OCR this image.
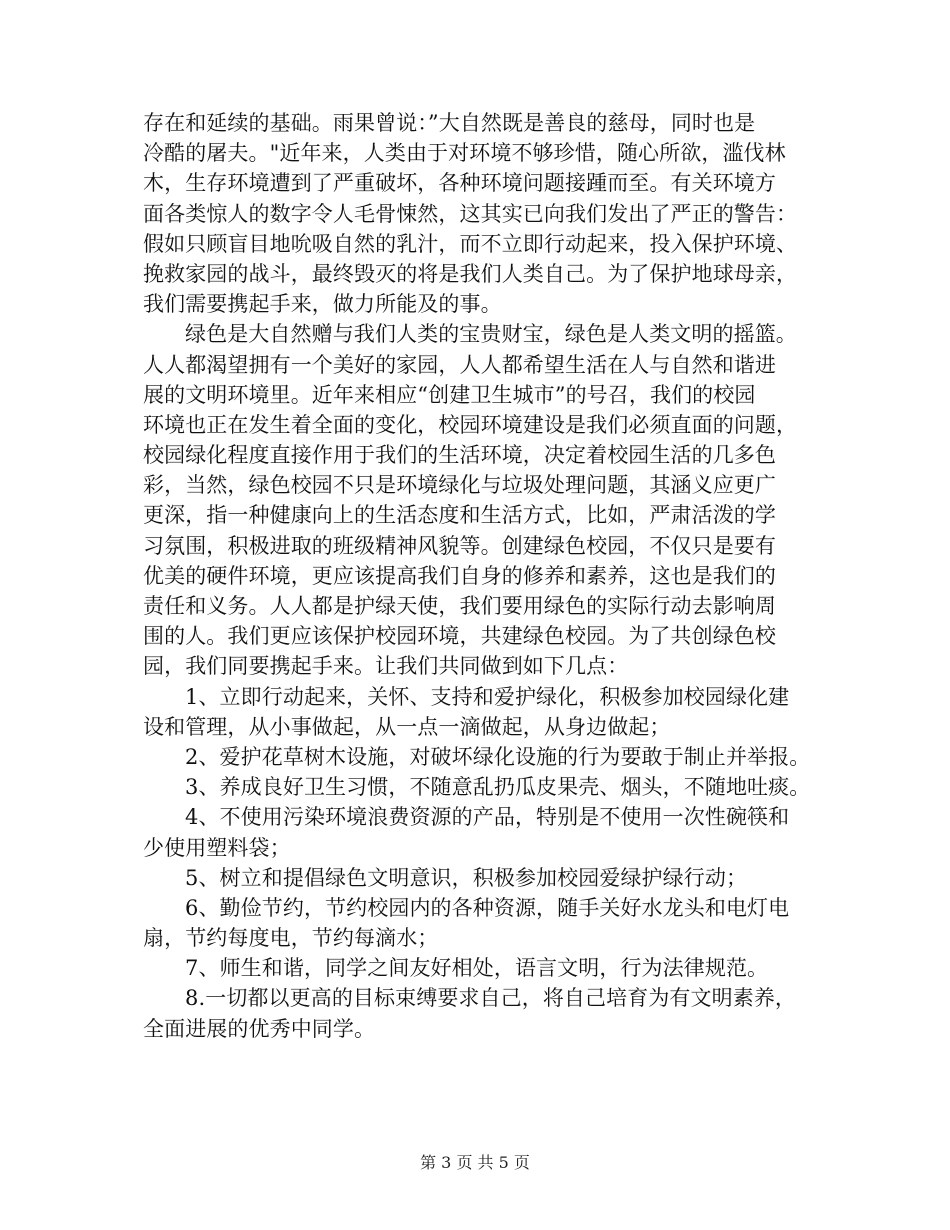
存在和延续的基础。雨果曾说：”大自然既是善良的慈母，同时也是
冷酷的屠夫。"近年来，人类由于对环境不够珍惜，随心所欲，滥伐林
木，生存环境遭到了严重破坏，各种环境问题接踵而至。有关环境方
面各类惊人的数字令人毛骨悚然，这其实已向我们发出了严正的警告：
假如只顾盲目地吮吸自然的乳汁，而不立即行动起来，投入保护环境、
挽救家园的战斗，最终毁灭的将是我们人类自己。为了保护地球母亲，
我们需要携起手来，做力所能及的事。
绿色是大自然赠与我们人类的宝贵财宝，绿色是人类文明的摇篮。
人人都渴望拥有一个美好的家园，人人都希望生活在人与自然和谐进
展的文明环境里。近年来相应“创建卫生城市”的号召，我们的校园
环境也正在发生着全面的变化，校园环境建设是我们必须直面的问题，
校园绿化程度直接作用于我们的生活环境，决定着校园生活的几多色
彩，当然，绿色校园不只是环境绿化与垃圾处理问题，其涵义应更广
更深，指一种健康向上的生活态度和生活方式，比如，严肃活泼的学
习氛围，积极进取的班级精神风貌等。创建绿色校园，不仅只是要有
优美的硬件环境，更应该提高我们自身的修养和素养，这也是我们的
责任和义务。人人都是护绿天使，我们要用绿色的实际行动去影响周
围的人。我们更应该保护校园环境，共建绿色校园。为了共创绿色校
园，我们同要携起手来。让我们共同做到如下几点：
1、立即行动起来，关怀、支持和爱护绿化，积极参加校园绿化建
设和管理，从小事做起，从一点一滴做起，从身边做起；
2、爱护花草树木设施，对破坏绿化设施的行为要敢于制止并举报。
3、养成良好卫生习惯，不随意乱扔瓜皮果壳、烟头，不随地吐痰。
4、不使用污染环境浪费资源的产品，特别是不使用一次性碗筷和
少使用塑料袋；
5、树立和提倡绿色文明意识，积极参加校园爱绿护绿行动；
6、勤俭节约，节约校园内的各种资源，随手关好水龙头和电灯电
扇，节约每度电，节约每滴水；
7、师生和谐，同学之间友好相处，语言文明，行为法律规范。
8.一切都以更高的目标束缚要求自己，将自己培育为有文明素养，
全面进展的优秀中同学。
第 3 页 共 5 页
